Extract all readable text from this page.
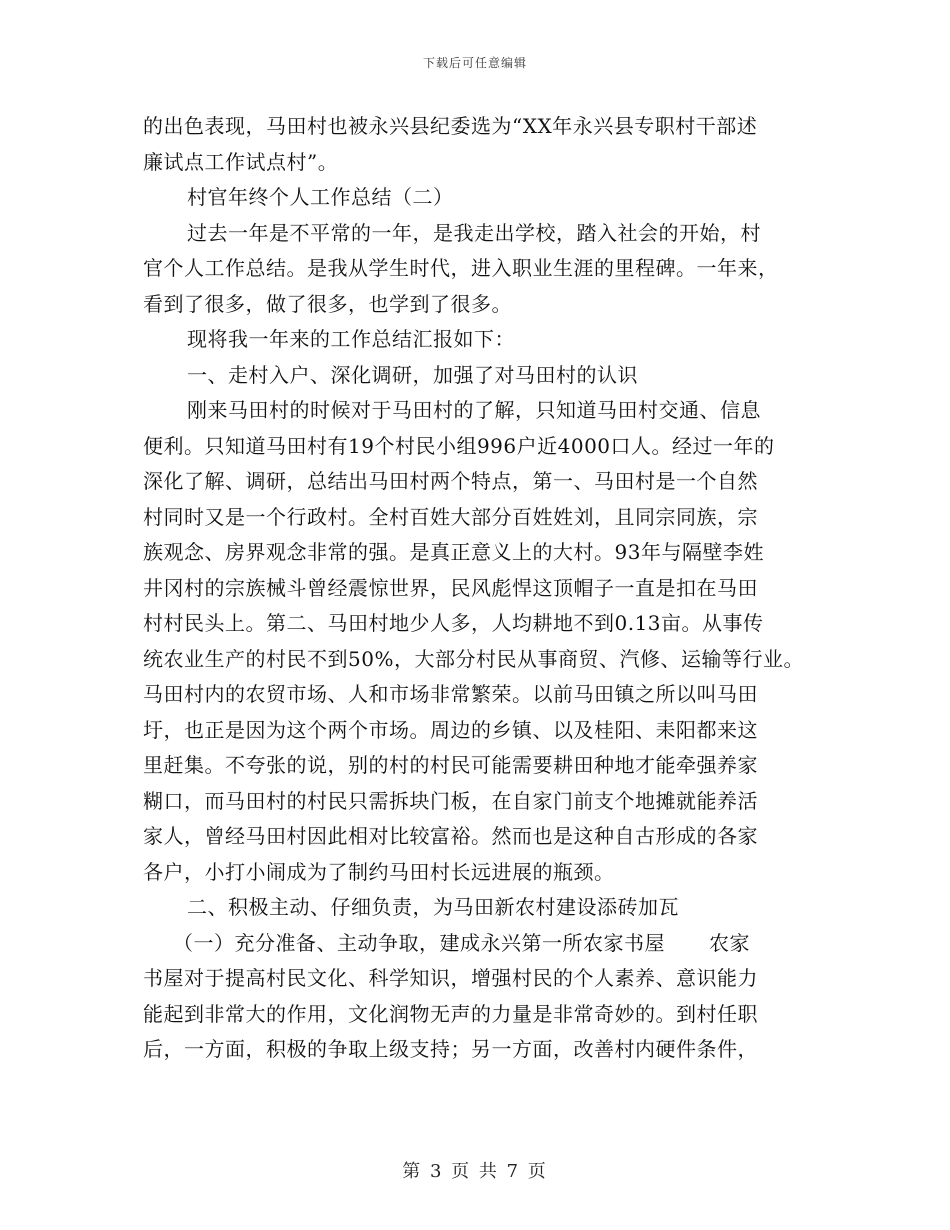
下载后可任意编辑
的出色表现，马田村也被永兴县纪委选为“XX年永兴县专职村干部述
廉试点工作试点村”。
村官年终个人工作总结（二）
过去一年是不平常的一年，是我走出学校，踏入社会的开始，村
官个人工作总结。是我从学生时代，进入职业生涯的里程碑。一年来，
看到了很多，做了很多，也学到了很多。
现将我一年来的工作总结汇报如下：
一、走村入户、深化调研，加强了对马田村的认识
刚来马田村的时候对于马田村的了解，只知道马田村交通、信息
便利。只知道马田村有19个村民小组996户近4000口人。经过一年的
深化了解、调研，总结出马田村两个特点，第一、马田村是一个自然
村同时又是一个行政村。全村百姓大部分百姓姓刘，且同宗同族，宗
族观念、房界观念非常的强。是真正意义上的大村。93年与隔壁李姓
井冈村的宗族械斗曾经震惊世界，民风彪悍这顶帽子一直是扣在马田
村村民头上。第二、马田村地少人多，人均耕地不到0.13亩。从事传
统农业生产的村民不到50%，大部分村民从事商贸、汽修、运输等行业。
马田村内的农贸市场、人和市场非常繁荣。以前马田镇之所以叫马田
圩，也正是因为这个两个市场。周边的乡镇、以及桂阳、耒阳都来这
里赶集。不夸张的说，别的村的村民可能需要耕田种地才能牵强养家
糊口，而马田村的村民只需拆块门板，在自家门前支个地摊就能养活
家人，曾经马田村因此相对比较富裕。然而也是这种自古形成的各家
各户，小打小闹成为了制约马田村长远进展的瓶颈。
二、积极主动、仔细负责，为马田新农村建设添砖加瓦
（一）充分准备、主动争取，建成永兴第一所农家书屋 农家
书屋对于提高村民文化、科学知识，增强村民的个人素养、意识能力
能起到非常大的作用，文化润物无声的力量是非常奇妙的。到村任职
后，一方面，积极的争取上级支持；另一方面，改善村内硬件条件，
第 3 页 共 7 页
